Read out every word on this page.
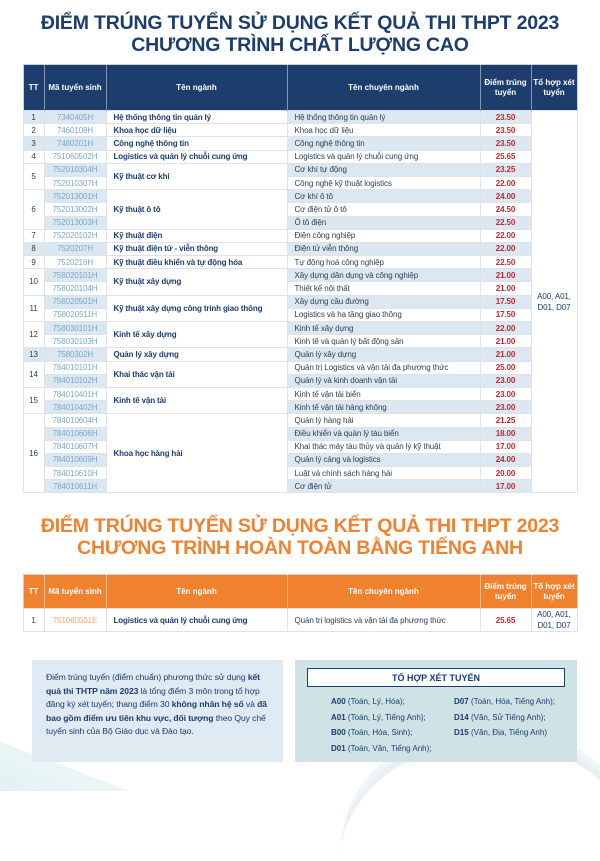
ĐIỂM TRÚNG TUYỂN SỬ DỤNG KẾT QUẢ THI THPT 2023
CHƯƠNG TRÌNH CHẤT LƯỢNG CAO
TT	Mã tuyển sinh	Tên ngành	Tên chuyên ngành	Điểm trúng tuyển	Tổ hợp xét tuyển
1	7340405H	Hệ thống thông tin quản lý	Hệ thống thông tin quản lý	23.50	A00, A01,
D01, D07
2	7460108H	Khoa học dữ liệu	Khoa học dữ liệu	23.50	
3	7480201H	Công nghệ thông tin	Công nghệ thông tin	23.50	
4	751060502H	Logistics và quản lý chuỗi cung ứng	Logistics và quản lý chuỗi cung ứng	25.65	
5	752010304H	Kỹ thuật cơ khí	Cơ khí tự động	23.25	
	752010307H		Công nghệ kỹ thuật logistics	22.00	
6	752013001H	Kỹ thuật ô tô	Cơ khí ô tô	24.00	
	752013002H		Cơ điện tử ô tô	24.50	
	752013003H		Ô tô điện	22.50	
7	752020102H	Kỹ thuật điện	Điện công nghiệp	22.00	
8	7520207H	Kỹ thuật điện tử - viễn thông	Điện tử viễn thông	22.00	
9	7520216H	Kỹ thuật điều khiển và tự động hóa	Tự động hoá công nghiệp	22.50	
10	758020101H	Kỹ thuật xây dựng	Xây dựng dân dụng và công nghiệp	21.00	
	758020104H		Thiết kế nội thất	21.00	
11	758020501H	Kỹ thuật xây dựng công trình giao thông	Xây dựng cầu đường	17.50	
	758020511H		Logistics và hạ tầng giao thông	17.50	
12	758030101H	Kinh tế xây dựng	Kinh tế xây dựng	22.00	
	758030103H		Kinh tế và quản lý bất động sản	21.00	
13	7580302H	Quản lý xây dựng	Quản lý xây dựng	21.00	
14	784010101H	Khai thác vận tải	Quản trị Logistics và vận tải đa phương thức	25.00	
	784010102H		Quản lý và kinh doanh vận tải	23.00	
15	784010401H	Kinh tế vận tải	Kinh tế vận tải biển	23.00	
	784010402H		Kinh tế vận tải hàng không	23.00	
16	784010604H	Khoa học hàng hải	Quản lý hàng hải	21.25	
	784010606H		Điều khiển và quản lý tàu biển	18.00	
	784010607H		Khai thác máy tàu thủy và quản lý kỹ thuật	17.00	
	784010609H		Quản lý cảng và logistics	24.00	
	784010610H		Luật và chính sách hàng hải	20.00	
	784010611H		Cơ điện tử	17.00	
ĐIỂM TRÚNG TUYỂN SỬ DỤNG KẾT QUẢ THI THPT 2023
CHƯƠNG TRÌNH HOÀN TOÀN BẰNG TIẾNG ANH
TT	Mã tuyển sinh	Tên ngành	Tên chuyên ngành	Điểm trúng tuyển	Tổ hợp xét tuyển
1	751060501E	Logistics và quản lý chuỗi cung ứng	Quản trị logistics và vận tải đa phương thức	25.65	A00, A01,
D01, D07

Điểm trúng tuyển (điểm chuẩn) phương thức sử dụng kết quả thi THTP năm 2023 là tổng điểm 3 môn trong tổ hợp đăng ký xét tuyển; thang điểm 30 không nhân hệ số và đã bao gồm điểm ưu tiên khu vực, đối tượng theo Quy chế tuyển sinh của Bộ Giáo dục và Đào tạo.

TỔ HỢP XÉT TUYỂN
A00 (Toán, Lý, Hóa);
A01 (Toán, Lý, Tiếng Anh);
B00 (Toán, Hóa, Sinh);
D01 (Toán, Văn, Tiếng Anh);
D07 (Toán, Hóa, Tiếng Anh);
D14 (Văn, Sử Tiếng Anh);
D15 (Văn, Địa, Tiếng Anh)
